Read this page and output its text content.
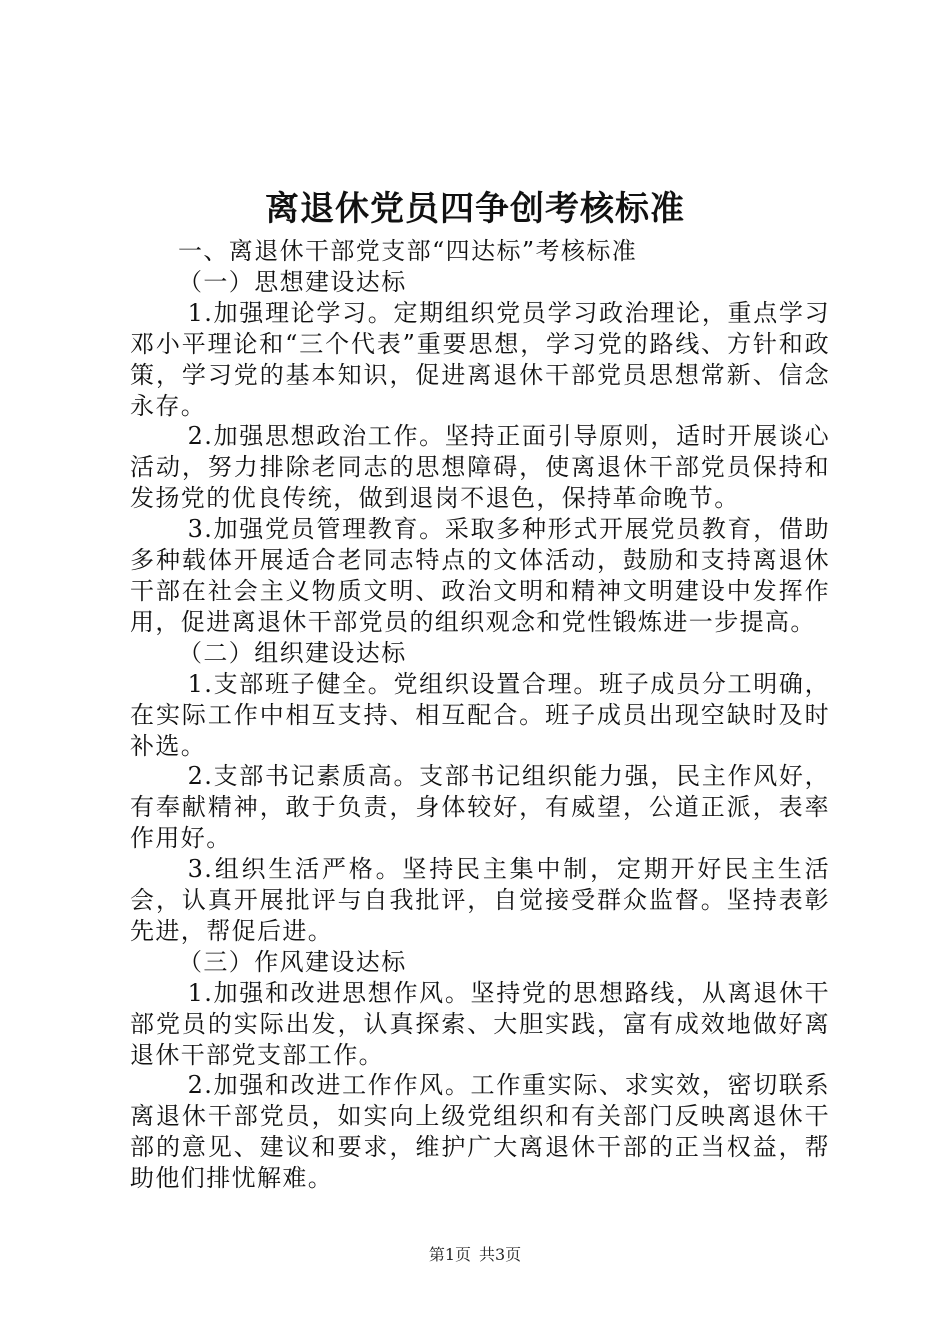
离退休党员四争创考核标准

一、离退休干部党支部“四达标”考核标准

（一）思想建设达标

1.加强理论学习。定期组织党员学习政治理论，重点学习邓小平理论和“三个代表”重要思想，学习党的路线、方针和政策，学习党的基本知识，促进离退休干部党员思想常新、信念永存。

2.加强思想政治工作。坚持正面引导原则，适时开展谈心活动，努力排除老同志的思想障碍，使离退休干部党员保持和发扬党的优良传统，做到退岗不退色，保持革命晚节。

3.加强党员管理教育。采取多种形式开展党员教育，借助多种载体开展适合老同志特点的文体活动，鼓励和支持离退休干部在社会主义物质文明、政治文明和精神文明建设中发挥作用，促进离退休干部党员的组织观念和党性锻炼进一步提高。

（二）组织建设达标

1.支部班子健全。党组织设置合理。班子成员分工明确，在实际工作中相互支持、相互配合。班子成员出现空缺时及时补选。

2.支部书记素质高。支部书记组织能力强，民主作风好，有奉献精神，敢于负责，身体较好，有威望，公道正派，表率作用好。

3.组织生活严格。坚持民主集中制，定期开好民主生活会，认真开展批评与自我批评，自觉接受群众监督。坚持表彰先进，帮促后进。

（三）作风建设达标

1.加强和改进思想作风。坚持党的思想路线，从离退休干部党员的实际出发，认真探索、大胆实践，富有成效地做好离退休干部党支部工作。

2.加强和改进工作作风。工作重实际、求实效，密切联系离退休干部党员，如实向上级党组织和有关部门反映离退休干部的意见、建议和要求，维护广大离退休干部的正当权益，帮助他们排忧解难。

第1页 共3页
